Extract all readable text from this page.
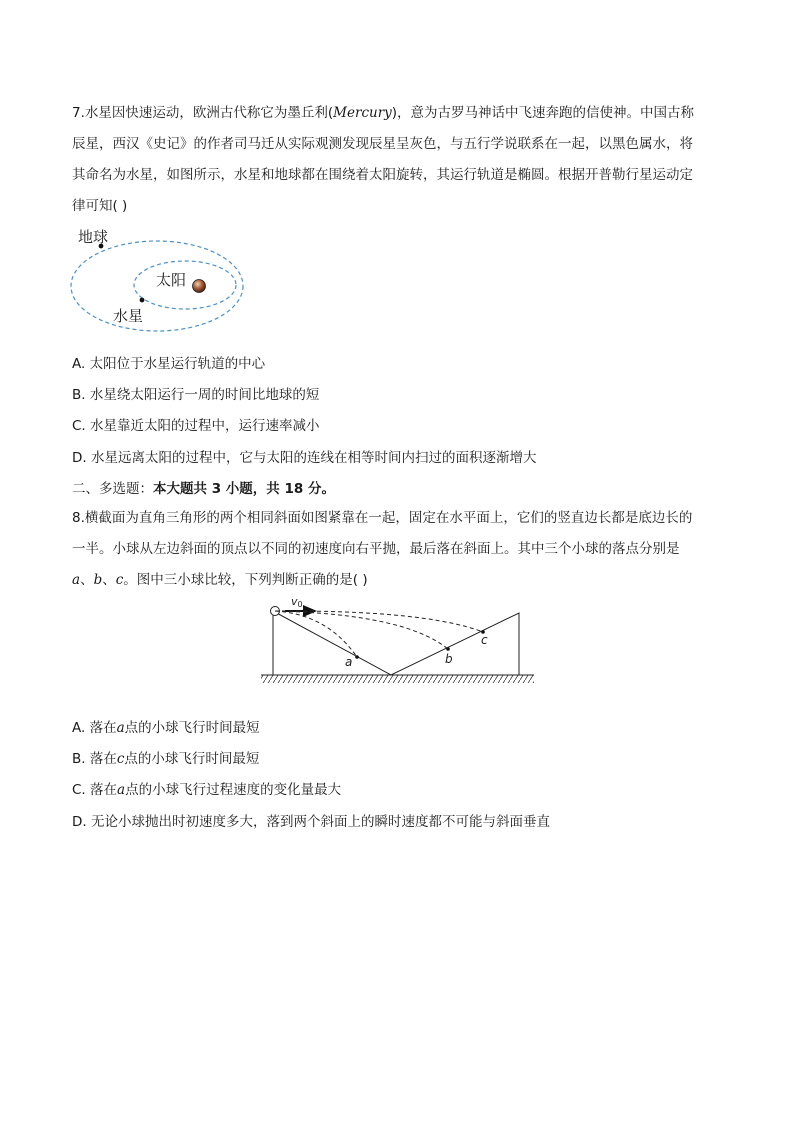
7.水星因快速运动，欧洲古代称它为墨丘利(Mercury)，意为古罗马神话中飞速奔跑的信使神。中国古称
辰星，西汉《史记》的作者司马迁从实际观测发现辰星呈灰色，与五行学说联系在一起，以黑色属水，将
其命名为水星，如图所示，水星和地球都在围绕着太阳旋转，其运行轨道是椭圆。根据开普勒行星运动定
律可知( )
地球
太阳
水星
A. 太阳位于水星运行轨道的中心
B. 水星绕太阳运行一周的时间比地球的短
C. 水星靠近太阳的过程中，运行速率减小
D. 水星远离太阳的过程中，它与太阳的连线在相等时间内扫过的面积逐渐增大
二、多选题：本大题共 3 小题，共 18 分。
8.横截面为直角三角形的两个相同斜面如图紧靠在一起，固定在水平面上，它们的竖直边长都是底边长的
一半。小球从左边斜面的顶点以不同的初速度向右平抛，最后落在斜面上。其中三个小球的落点分别是
a、b、c。图中三小球比较，下列判断正确的是( )
v0
a	b
c
A. 落在a点的小球飞行时间最短
B. 落在c点的小球飞行时间最短
C. 落在a点的小球飞行过程速度的变化量最大
D. 无论小球抛出时初速度多大，落到两个斜面上的瞬时速度都不可能与斜面垂直
